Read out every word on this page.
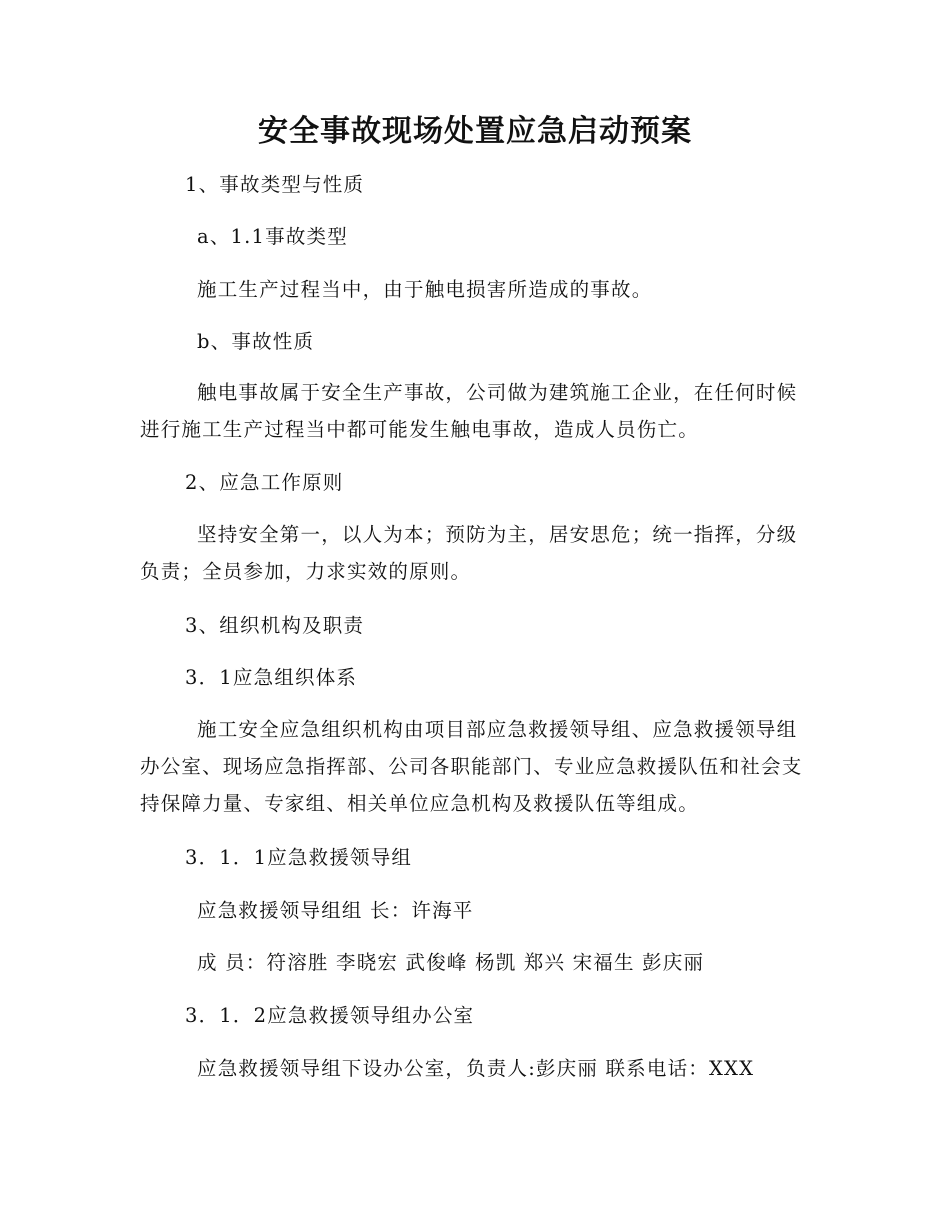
安全事故现场处置应急启动预案
1、事故类型与性质
a、1.1事故类型
施工生产过程当中，由于触电损害所造成的事故。
b、事故性质
触电事故属于安全生产事故，公司做为建筑施工企业，在任何时候进行施工生产过程当中都可能发生触电事故，造成人员伤亡。
2、应急工作原则
坚持安全第一，以人为本；预防为主，居安思危；统一指挥，分级负责；全员参加，力求实效的原则。
3、组织机构及职责
3．1应急组织体系
施工安全应急组织机构由项目部应急救援领导组、应急救援领导组办公室、现场应急指挥部、公司各职能部门、专业应急救援队伍和社会支持保障力量、专家组、相关单位应急机构及救援队伍等组成。
3．1．1应急救援领导组
应急救援领导组组 长：许海平
成 员：符溶胜 李晓宏 武俊峰 杨凯 郑兴 宋福生 彭庆丽
3．1．2应急救援领导组办公室
应急救援领导组下设办公室，负责人:彭庆丽 联系电话：XXX
